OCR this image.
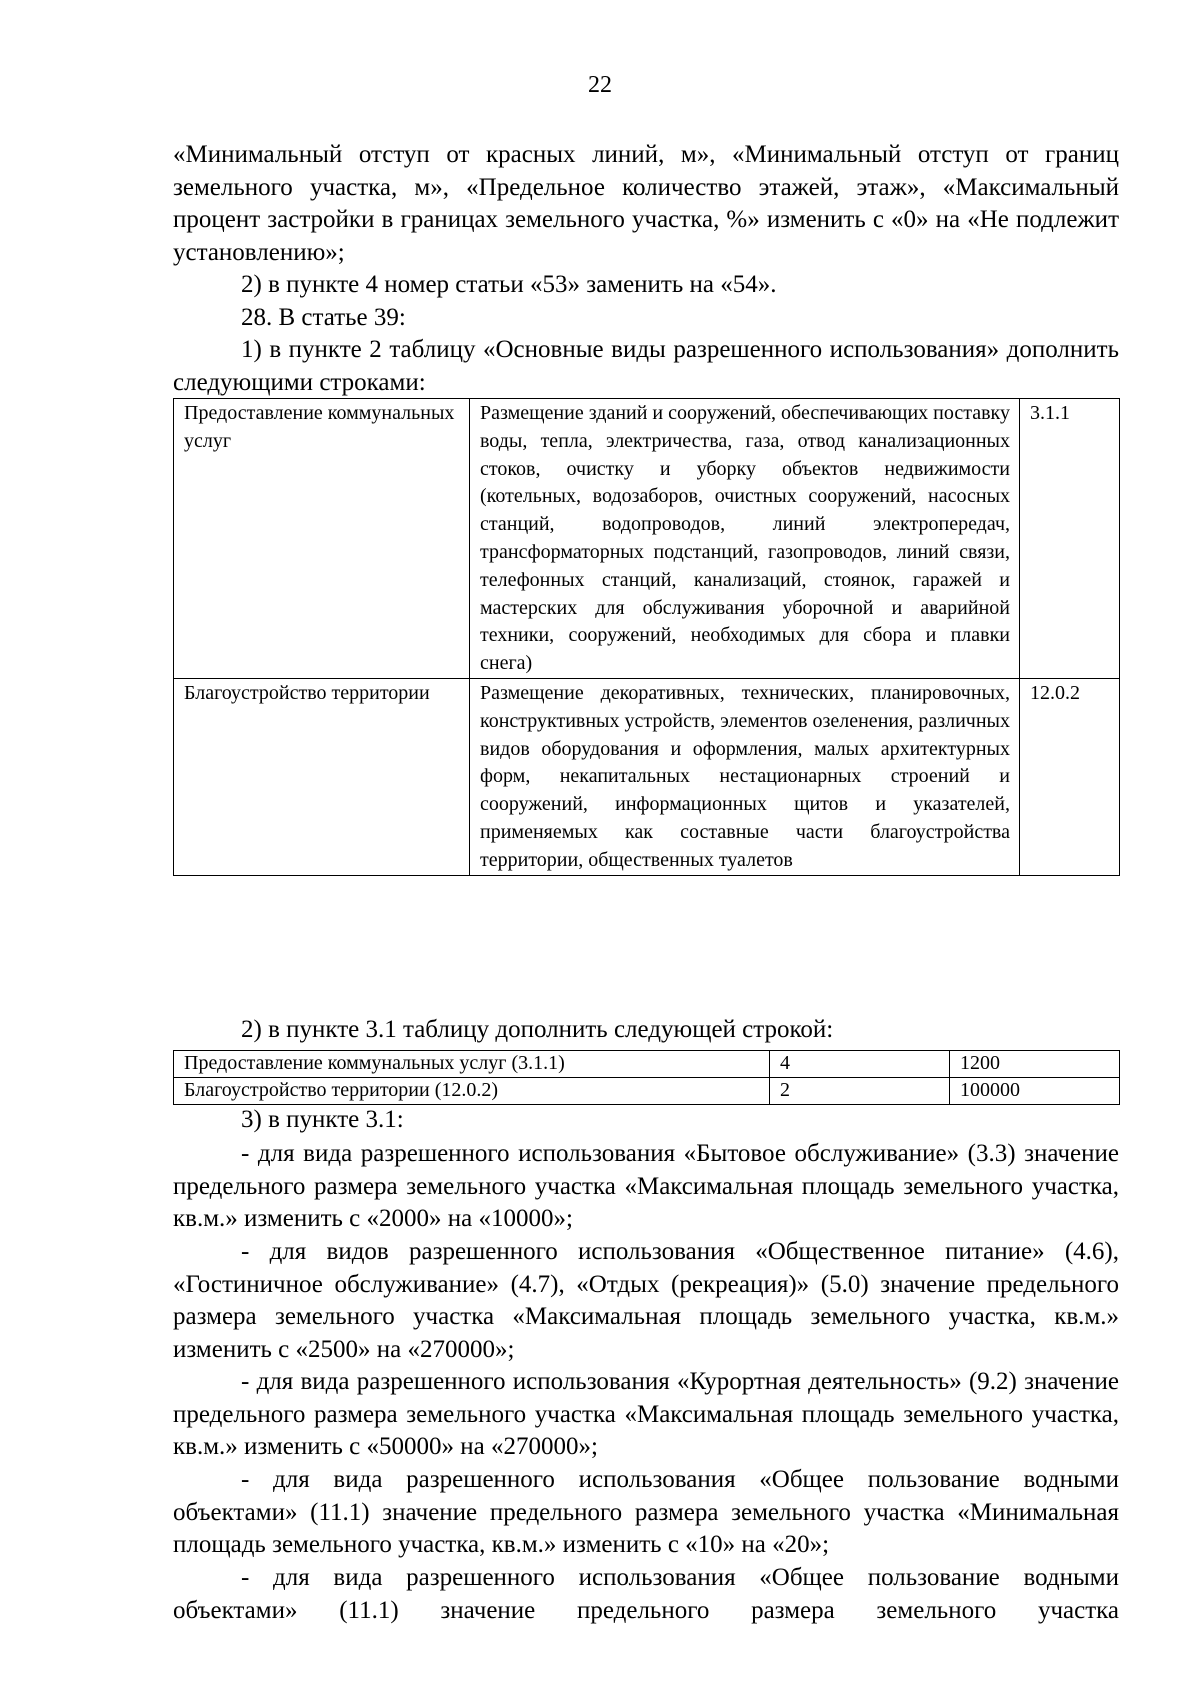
22

«Минимальный отступ от красных линий, м», «Минимальный отступ от границ земельного участка, м», «Предельное количество этажей, этаж», «Максимальный процент застройки в границах земельного участка, %» изменить с «0» на «Не подлежит установлению»;

2) в пункте 4 номер статьи «53» заменить на «54».

28. В статье 39:

1) в пункте 2 таблицу «Основные виды разрешенного использования» дополнить следующими строками:

Предоставление коммунальных услуг	Размещение зданий и сооружений, обеспечивающих поставку воды, тепла, электричества, газа, отвод канализационных стоков, очистку и уборку объектов недвижимости (котельных, водозаборов, очистных сооружений, насосных станций, водопроводов, линий электропередач, трансформаторных подстанций, газопроводов, линий связи, телефонных станций, канализаций, стоянок, гаражей и мастерских для обслуживания уборочной и аварийной техники, сооружений, необходимых для сбора и плавки снега)	3.1.1
Благоустройство территории	Размещение декоративных, технических, планировочных, конструктивных устройств, элементов озеленения, различных видов оборудования и оформления, малых архитектурных форм, некапитальных нестационарных строений и сооружений, информационных щитов и указателей, применяемых как составные части благоустройства территории, общественных туалетов	12.0.2
2) в пункте 3.1 таблицу дополнить следующей строкой:
Предоставление коммунальных услуг (3.1.1)	4	1200
Благоустройство территории (12.0.2)	2	100000
3) в пункте 3.1:

- для вида разрешенного использования «Бытовое обслуживание» (3.3) значение предельного размера земельного участка «Максимальная площадь земельного участка, кв.м.» изменить с «2000» на «10000»;

- для видов разрешенного использования «Общественное питание» (4.6), «Гостиничное обслуживание» (4.7), «Отдых (рекреация)» (5.0) значение предельного размера земельного участка «Максимальная площадь земельного участка, кв.м.» изменить с «2500» на «270000»;

- для вида разрешенного использования «Курортная деятельность» (9.2) значение предельного размера земельного участка «Максимальная площадь земельного участка, кв.м.» изменить с «50000» на «270000»;

- для вида разрешенного использования «Общее пользование водными объектами» (11.1) значение предельного размера земельного участка «Минимальная площадь земельного участка, кв.м.» изменить с «10» на «20»;

- для вида разрешенного использования «Общее пользование водными объектами» (11.1) значение предельного размера земельного участка
